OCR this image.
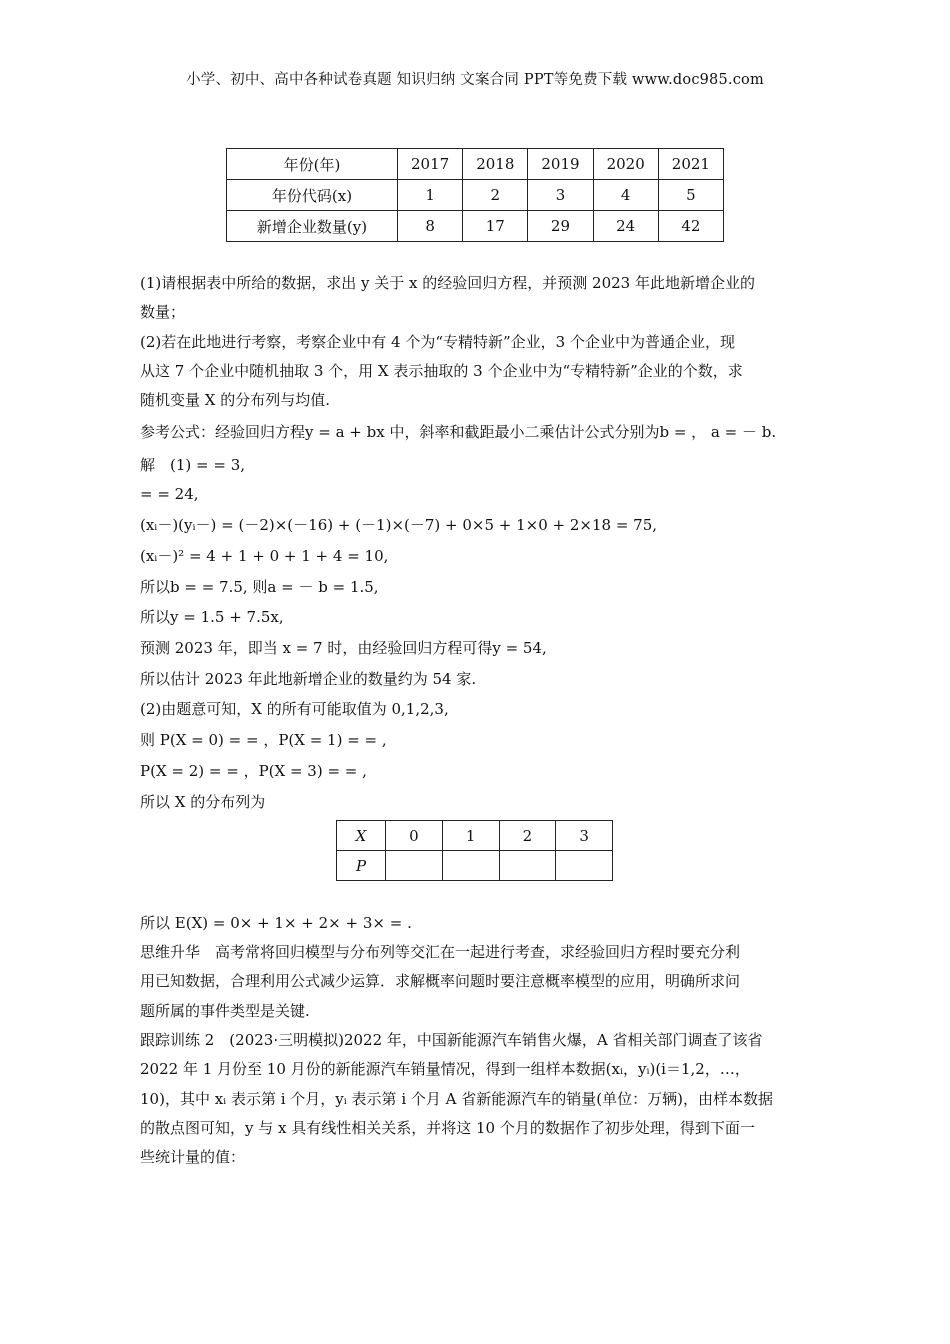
小学、初中、高中各种试卷真题 知识归纳 文案合同 PPT等免费下载 www.doc985.com
年份(年)	2017	2018	2019	2020	2021
年份代码(x)	1	2	3	4	5
新增企业数量(y)	8	17	29	24	42
(1)请根据表中所给的数据，求出 y 关于 x 的经验回归方程，并预测 2023 年此地新增企业的
数量；
(2)若在此地进行考察，考察企业中有 4 个为“专精特新”企业，3 个企业中为普通企业，现
从这 7 个企业中随机抽取 3 个，用 X 表示抽取的 3 个企业中为“专精特新”企业的个数，求
随机变量 X 的分布列与均值.
参考公式：经验回归方程y = a + bx 中，斜率和截距最小二乘估计公式分别为b = ， a = － b.
解　(1) = = 3,
= = 24,
(xᵢ－)(yᵢ－) = (－2)×(－16) + (－1)×(－7) + 0×5 + 1×0 + 2×18 = 75,
(xᵢ－)² = 4 + 1 + 0 + 1 + 4 = 10,
所以b = = 7.5, 则a = － b = 1.5,
所以y = 1.5 + 7.5x,
预测 2023 年，即当 x = 7 时，由经验回归方程可得y = 54,
所以估计 2023 年此地新增企业的数量约为 54 家.
(2)由题意可知，X 的所有可能取值为 0,1,2,3,
则 P(X = 0) = = ，P(X = 1) = = ,
P(X = 2) = = ，P(X = 3) = = ,
所以 X 的分布列为
X	0	1	2	3
P				
所以 E(X) = 0× + 1× + 2× + 3× = .
思维升华　高考常将回归模型与分布列等交汇在一起进行考查，求经验回归方程时要充分利
用已知数据，合理利用公式减少运算．求解概率问题时要注意概率模型的应用，明确所求问
题所属的事件类型是关键.
跟踪训练 2　(2023·三明模拟)2022 年，中国新能源汽车销售火爆，A 省相关部门调查了该省
2022 年 1 月份至 10 月份的新能源汽车销量情况，得到一组样本数据(xᵢ，yᵢ)(i＝1,2，…，
10)，其中 xᵢ 表示第 i 个月，yᵢ 表示第 i 个月 A 省新能源汽车的销量(单位：万辆)，由样本数据
的散点图可知，y 与 x 具有线性相关关系，并将这 10 个月的数据作了初步处理，得到下面一
些统计量的值：
